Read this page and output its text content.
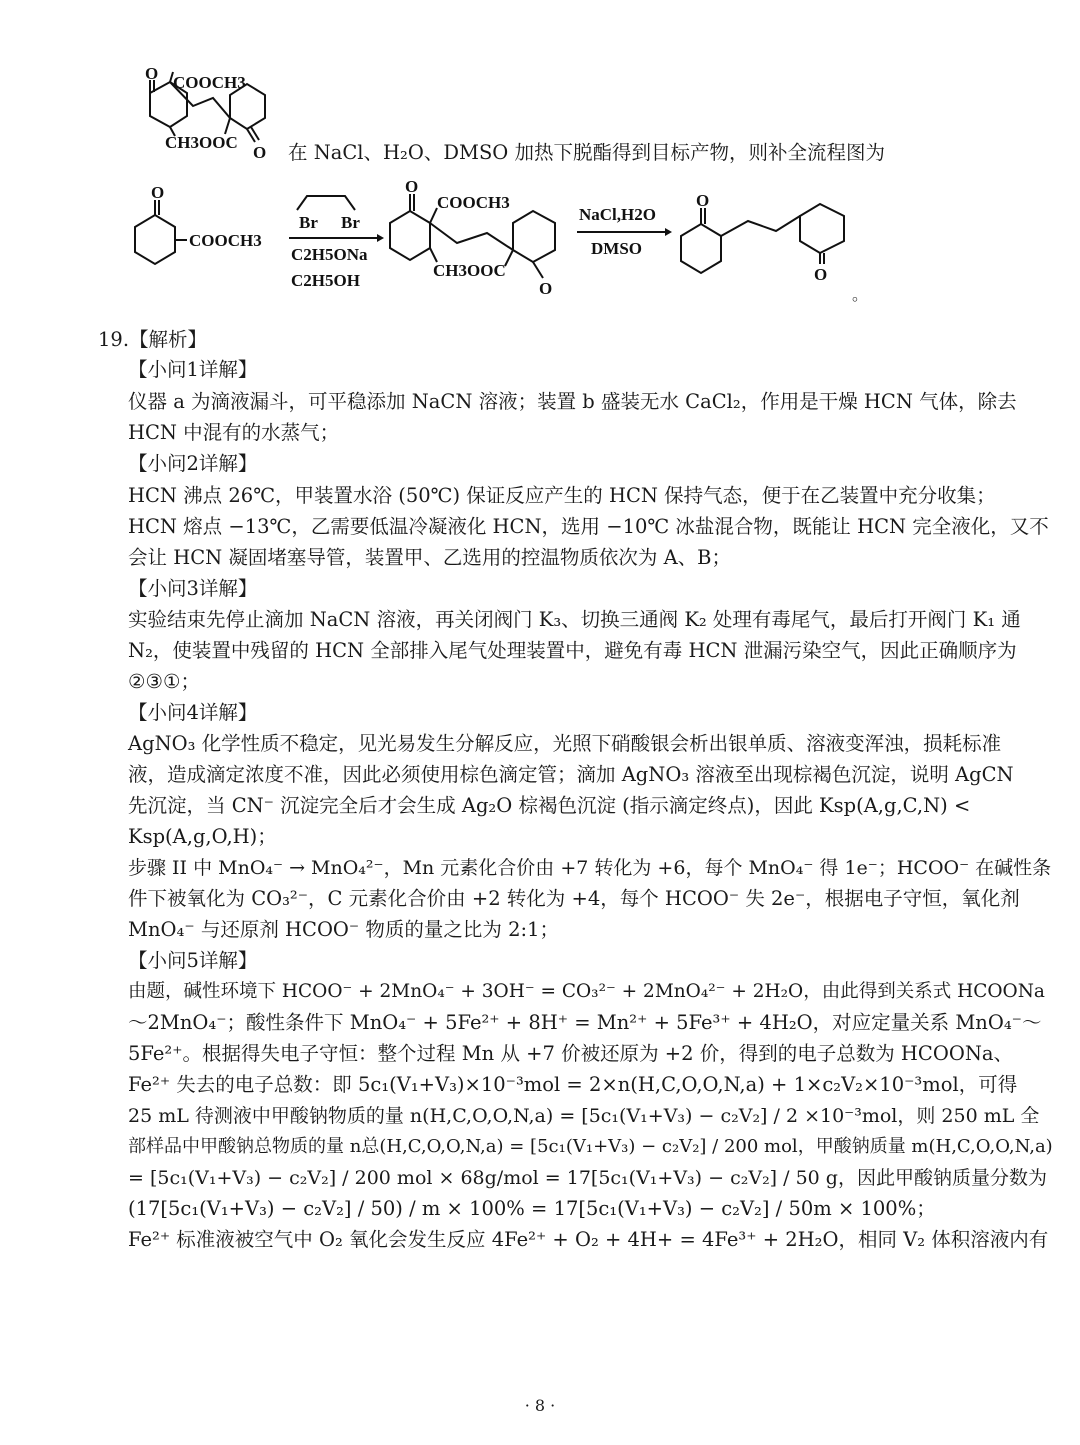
O COOCH3
O
CH3OOC	在 NaCl、H₂O、DMSO 加热下脱酯得到目标产物，则补全流程图为
O
COOCH3
Br Br
C2H5ONa
C2H5OH
O
COOCH3
O
CH3OOC
NaCl,H2O
DMSO
O
O
。
19.【解析】
【小问1详解】
仪器 a 为滴液漏斗，可平稳添加 NaCN 溶液；装置 b 盛装无水 CaCl₂，作用是干燥 HCN 气体，除去
HCN 中混有的水蒸气；
【小问2详解】
HCN 沸点 26℃，甲装置水浴 (50℃) 保证反应产生的 HCN 保持气态，便于在乙装置中充分收集；
HCN 熔点 −13℃，乙需要低温冷凝液化 HCN，选用 −10℃ 冰盐混合物，既能让 HCN 完全液化，又不
会让 HCN 凝固堵塞导管，装置甲、乙选用的控温物质依次为 A、B；
【小问3详解】
实验结束先停止滴加 NaCN 溶液，再关闭阀门 K₃、切换三通阀 K₂ 处理有毒尾气，最后打开阀门 K₁ 通
N₂，使装置中残留的 HCN 全部排入尾气处理装置中，避免有毒 HCN 泄漏污染空气，因此正确顺序为
②③①；
【小问4详解】
AgNO₃ 化学性质不稳定，见光易发生分解反应，光照下硝酸银会析出银单质、溶液变浑浊，损耗标准
液，造成滴定浓度不准，因此必须使用棕色滴定管；滴加 AgNO₃ 溶液至出现棕褐色沉淀，说明 AgCN
先沉淀，当 CN⁻ 沉淀完全后才会生成 Ag₂O 棕褐色沉淀 (指示滴定终点)，因此 Ksp(A,g,C,N) <
Ksp(A,g,O,H)；
步骤 II 中 MnO₄⁻ → MnO₄²⁻，Mn 元素化合价由 +7 转化为 +6，每个 MnO₄⁻ 得 1e⁻；HCOO⁻ 在碱性条
件下被氧化为 CO₃²⁻，C 元素化合价由 +2 转化为 +4，每个 HCOO⁻ 失 2e⁻，根据电子守恒，氧化剂
MnO₄⁻ 与还原剂 HCOO⁻ 物质的量之比为 2:1；
【小问5详解】
由题，碱性环境下 HCOO⁻ + 2MnO₄⁻ + 3OH⁻ = CO₃²⁻ + 2MnO₄²⁻ + 2H₂O，由此得到关系式 HCOONa
～2MnO₄⁻；酸性条件下 MnO₄⁻ + 5Fe²⁺ + 8H⁺ = Mn²⁺ + 5Fe³⁺ + 4H₂O，对应定量关系 MnO₄⁻～
5Fe²⁺。根据得失电子守恒：整个过程 Mn 从 +7 价被还原为 +2 价，得到的电子总数为 HCOONa、
Fe²⁺ 失去的电子总数：即 5c₁(V₁+V₃)×10⁻³mol = 2×n(H,C,O,O,N,a) + 1×c₂V₂×10⁻³mol，可得
25 mL 待测液中甲酸钠物质的量 n(H,C,O,O,N,a) = [5c₁(V₁+V₃) − c₂V₂] / 2 ×10⁻³mol，则 250 mL 全
部样品中甲酸钠总物质的量 n总(H,C,O,O,N,a) = [5c₁(V₁+V₃) − c₂V₂] / 200 mol，甲酸钠质量 m(H,C,O,O,N,a)
= [5c₁(V₁+V₃) − c₂V₂] / 200 mol × 68g/mol = 17[5c₁(V₁+V₃) − c₂V₂] / 50 g，因此甲酸钠质量分数为
(17[5c₁(V₁+V₃) − c₂V₂] / 50) / m × 100% = 17[5c₁(V₁+V₃) − c₂V₂] / 50m × 100%；
Fe²⁺ 标准液被空气中 O₂ 氧化会发生反应 4Fe²⁺ + O₂ + 4H+ = 4Fe³⁺ + 2H₂O，相同 V₂ 体积溶液内有
· 8 ·
